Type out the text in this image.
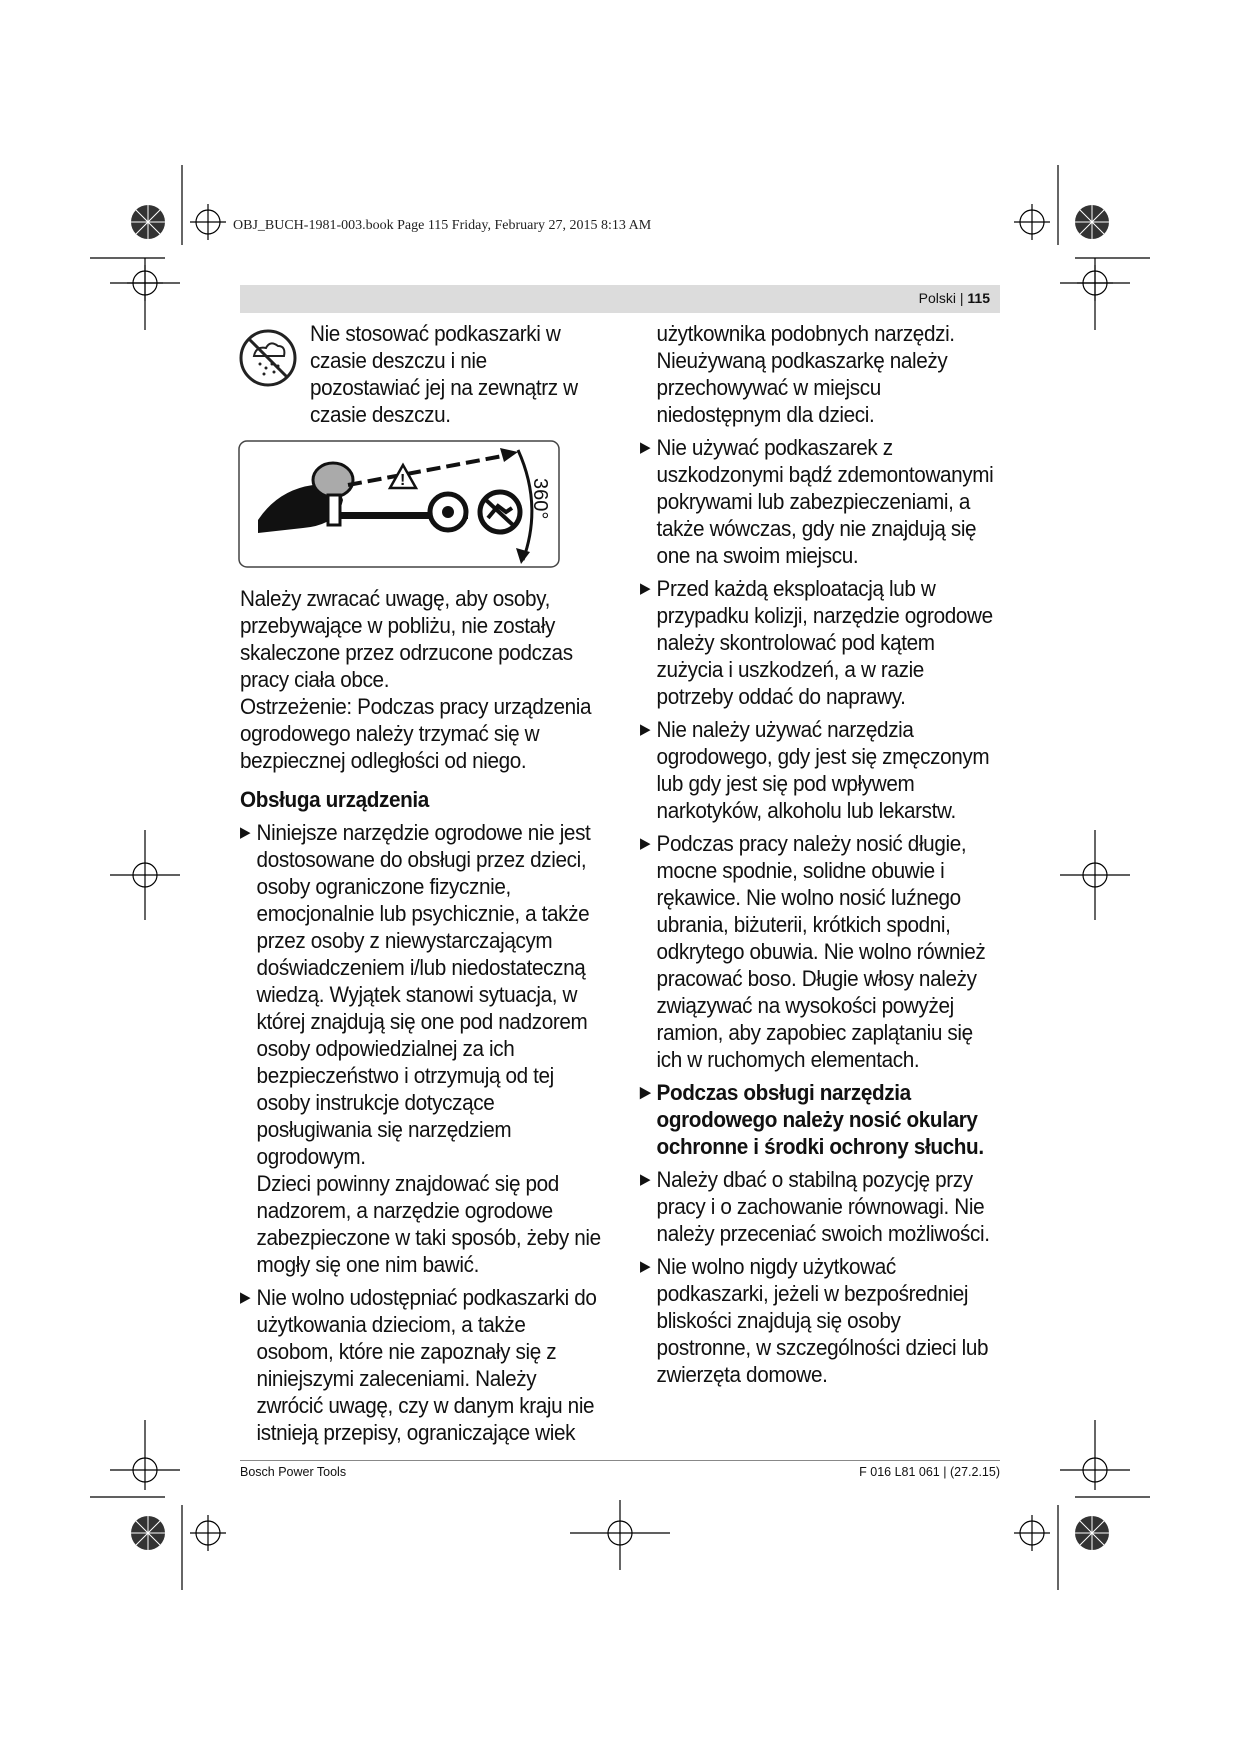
OBJ_BUCH-1981-003.book Page 115 Friday, February 27, 2015 8:13 AM
Polski | 115

Nie stosować podkaszarki w czasie deszczu i nie pozostawiać jej na zewnątrz w czasie deszczu.

!	360°

Należy zwracać uwagę, aby osoby, przebywające w pobliżu, nie zostały skaleczone przez odrzucone podczas pracy ciała obce.

Ostrzeżenie: Podczas pracy urządzenia ogrodowego należy trzymać się w bezpiecznej odległości od niego.

Obsługa urządzenia

▶ Niniejsze narzędzie ogrodowe nie jest dostosowane do obsługi przez dzieci, osoby ograniczone fizycznie, emocjonalnie lub psychicznie, a także przez osoby z niewystarczającym doświadczeniem i/lub niedostateczną wiedzą. Wyjątek stanowi sytuacja, w której znajdują się one pod nadzorem osoby odpowiedzialnej za ich bezpieczeństwo i otrzymują od tej osoby instrukcje dotyczące posługiwania się narzędziem ogrodowym.

Dzieci powinny znajdować się pod nadzorem, a narzędzie ogrodowe zabezpieczone w taki sposób, żeby nie mogły się one nim bawić.

▶ Nie wolno udostępniać podkaszarki do użytkowania dzieciom, a także osobom, które nie zapoznały się z niniejszymi zaleceniami. Należy zwrócić uwagę, czy w danym kraju nie istnieją przepisy, ograniczające wiek

użytkownika podobnych narzędzi. Nieużywaną podkaszarkę należy przechowywać w miejscu niedostępnym dla dzieci.

▶ Nie używać podkaszarek z uszkodzonymi bądź zdemontowanymi pokrywami lub zabezpieczeniami, a także wówczas, gdy nie znajdują się one na swoim miejscu.

▶ Przed każdą eksploatacją lub w przypadku kolizji, narzędzie ogrodowe należy skontrolować pod kątem zużycia i uszkodzeń, a w razie potrzeby oddać do naprawy.

▶ Nie należy używać narzędzia ogrodowego, gdy jest się zmęczonym lub gdy jest się pod wpływem narkotyków, alkoholu lub lekarstw.

▶ Podczas pracy należy nosić długie, mocne spodnie, solidne obuwie i rękawice. Nie wolno nosić luźnego ubrania, biżuterii, krótkich spodni, odkrytego obuwia. Nie wolno również pracować boso. Długie włosy należy związywać na wysokości powyżej ramion, aby zapobiec zaplątaniu się ich w ruchomych elementach.

▶ Podczas obsługi narzędzia ogrodowego należy nosić okulary ochronne i środki ochrony słuchu.

▶ Należy dbać o stabilną pozycję przy pracy i o zachowanie równowagi. Nie należy przeceniać swoich możliwości.

▶ Nie wolno nigdy użytkować podkaszarki, jeżeli w bezpośredniej bliskości znajdują się osoby postronne, w szczególności dzieci lub zwierzęta domowe.

Bosch Power Tools	F 016 L81 061 | (27.2.15)
